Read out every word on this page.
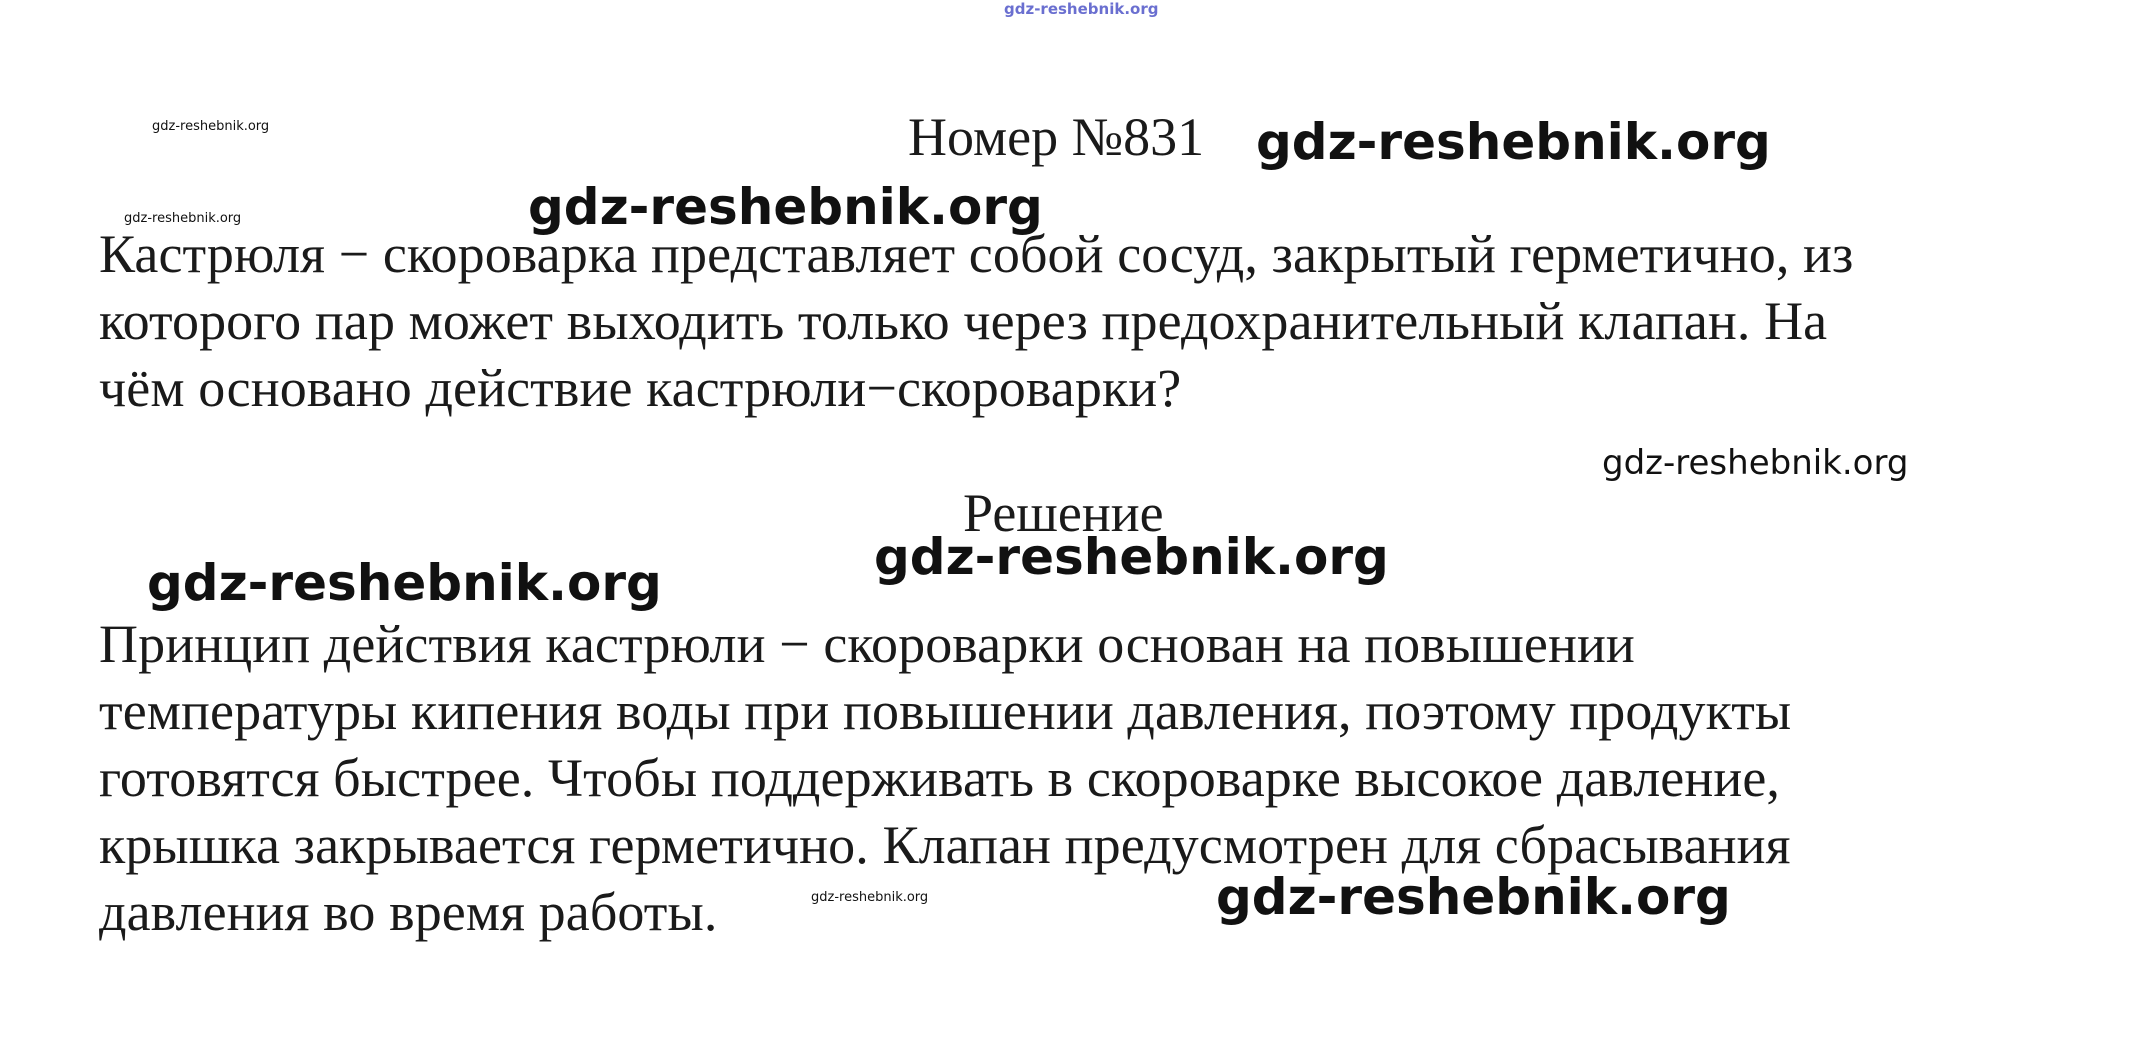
gdz-reshebnik.org
gdz-reshebnik.org
gdz-reshebnik.org
Номер №831 gdz-reshebnik.org
gdz-reshebnik.org

Кастрюля − скороварка представляет собой сосуд, закрытый герметично, из
которого пар может выходить только через предохранительный клапан. На
чём основано действие кастрюли−скороварки?

gdz-reshebnik.org
Решение
gdz-reshebnik.org
gdz-reshebnik.org

Принцип действия кастрюли − скороварки основан на повышении
температуры кипения воды при повышении давления, поэтому продукты
готовятся быстрее. Чтобы поддерживать в скороварке высокое давление,
крышка закрывается герметично. Клапан предусмотрен для сбрасывания
давления во время работы.	gdz-reshebnik.org	gdz-reshebnik.org
